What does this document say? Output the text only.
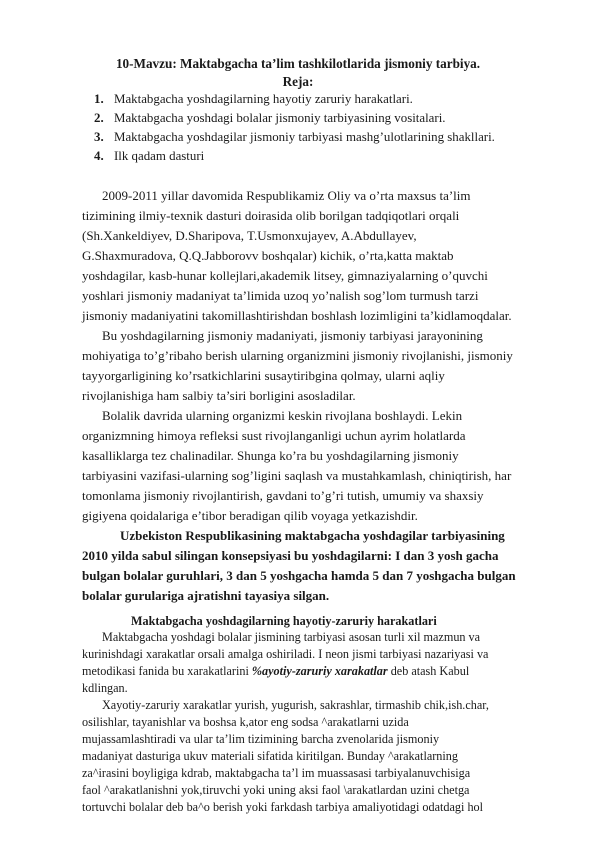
10-Mavzu: Maktabgacha ta’lim tashkilotlarida jismoniy tarbiya.
Reja:
1. Maktabgacha yoshdagilarning hayotiy zaruriy harakatlari.
2. Maktabgacha yoshdagi bolalar jismoniy tarbiyasining vositalari.
3. Maktabgacha yoshdagilar jismoniy tarbiyasi mashg’ulotlarining shakllari.
4. Ilk qadam dasturi
2009-2011 yillar davomida Respublikamiz Oliy va o’rta maxsus ta’lim
tizimining ilmiy-texnik dasturi doirasida olib borilgan tadqiqotlari orqali
(Sh.Xankeldiyev, D.Sharipova, T.Usmonxujayev, A.Abdullayev,
G.Shaxmuradova, Q.Q.Jabborovv boshqalar) kichik, o’rta,katta maktab
yoshdagilar, kasb-hunar kollejlari,akademik litsey, gimnaziyalarning o’quvchi
yoshlari jismoniy madaniyat ta’limida uzoq yo’nalish sog’lom turmush tarzi
jismoniy madaniyatini takomillashtirishdan boshlash lozimligini ta’kidlamoqdalar.
Bu yoshdagilarning jismoniy madaniyati, jismoniy tarbiyasi jarayonining
mohiyatiga to’g’ribaho berish ularning organizmini jismoniy rivojlanishi, jismoniy
tayyorgarligining ko’rsatkichlarini susaytiribgina qolmay, ularni aqliy
rivojlanishiga ham salbiy ta’siri borligini asosladilar.
Bolalik davrida ularning organizmi keskin rivojlana boshlaydi. Lekin
organizmning himoya refleksi sust rivojlanganligi uchun ayrim holatlarda
kasalliklarga tez chalinadilar. Shunga ko’ra bu yoshdagilarning jismoniy
tarbiyasini vazifasi-ularning sog’ligini saqlash va mustahkamlash, chiniqtirish, har
tomonlama jismoniy rivojlantirish, gavdani to’g’ri tutish, umumiy va shaxsiy
gigiyena qoidalariga e’tibor beradigan qilib voyaga yetkazishdir.
Uzbekiston Respublikasining maktabgacha yoshdagilar tarbiyasining
2010 yilda sabul silingan konsepsiyasi bu yoshdagilarni: I dan 3 yosh gacha
bulgan bolalar guruhlari, 3 dan 5 yoshgacha hamda 5 dan 7 yoshgacha bulgan
bolalar gurulariga ajratishni tayasiya silgan.
Maktabgacha yoshdagilarning hayotiy-zaruriy harakatlari
Maktabgacha yoshdagi bolalar jismining tarbiyasi asosan turli xil mazmun va
kurinishdagi xarakatlar orsali amalga oshiriladi. I neon jismi tarbiyasi nazariyasi va
metodikasi fanida bu xarakatlarini %ayotiy-zaruriy xarakatlar deb atash Kabul
kdlingan.
Xayotiy-zaruriy xarakatlar yurish, yugurish, sakrashlar, tirmashib chik,ish.char,
osilishlar, tayanishlar va boshsa k,ator eng sodsa ^arakatlarni uzida
mujassamlashtiradi va ular ta’lim tizimining barcha zvenolarida jismoniy
madaniyat dasturiga ukuv materiali sifatida kiritilgan. Bunday ^arakatlarning
za^irasini boyligiga kdrab, maktabgacha ta’l im muassasasi tarbiyalanuvchisiga
faol ^arakatlanishni yok,tiruvchi yoki uning aksi faol \arakatlardan uzini chetga
tortuvchi bolalar deb ba^o berish yoki farkdash tarbiya amaliyotidagi odatdagi hol
